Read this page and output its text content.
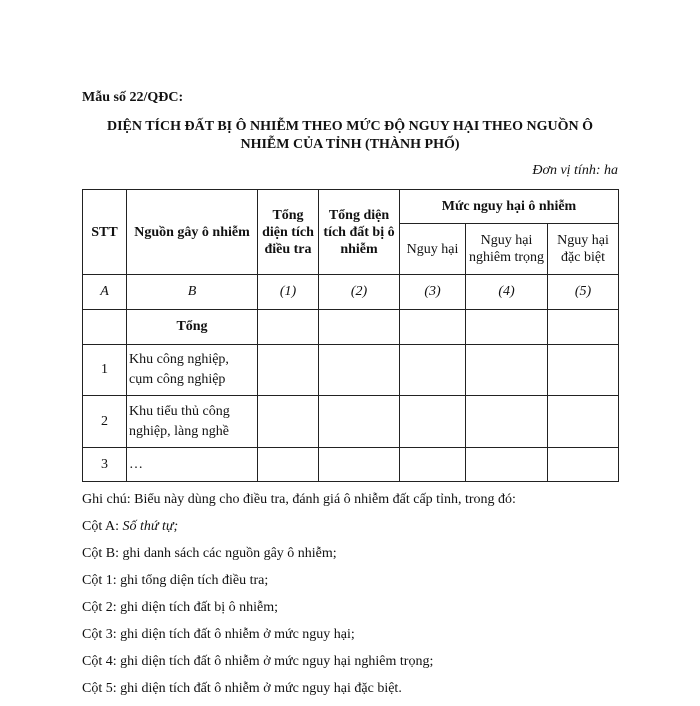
Mẫu số 22/QĐC:
DIỆN TÍCH ĐẤT BỊ Ô NHIỄM THEO MỨC ĐỘ NGUY HẠI THEO NGUỒN Ô NHIỄM CỦA TỈNH (THÀNH PHỐ)
Đơn vị tính: ha
STT	Nguồn gây ô nhiễm	Tổng diện tích điều tra	Tổng diện tích đất bị ô nhiễm	Mức nguy hại ô nhiễm		
				Nguy hại	Nguy hại nghiêm trọng	Nguy hại đặc biệt
A	B	(1)	(2)	(3)	(4)	(5)
	Tổng					
1	Khu công nghiệp, cụm công nghiệp					
2	Khu tiểu thủ công nghiệp, làng nghề					
3	…					

Ghi chú: Biểu này dùng cho điều tra, đánh giá ô nhiễm đất cấp tỉnh, trong đó:

Cột A: Số thứ tự;

Cột B: ghi danh sách các nguồn gây ô nhiễm;

Cột 1: ghi tổng diện tích điều tra;

Cột 2: ghi diện tích đất bị ô nhiễm;

Cột 3: ghi diện tích đất ô nhiễm ở mức nguy hại;

Cột 4: ghi diện tích đất ô nhiễm ở mức nguy hại nghiêm trọng;

Cột 5: ghi diện tích đất ô nhiễm ở mức nguy hại đặc biệt.
